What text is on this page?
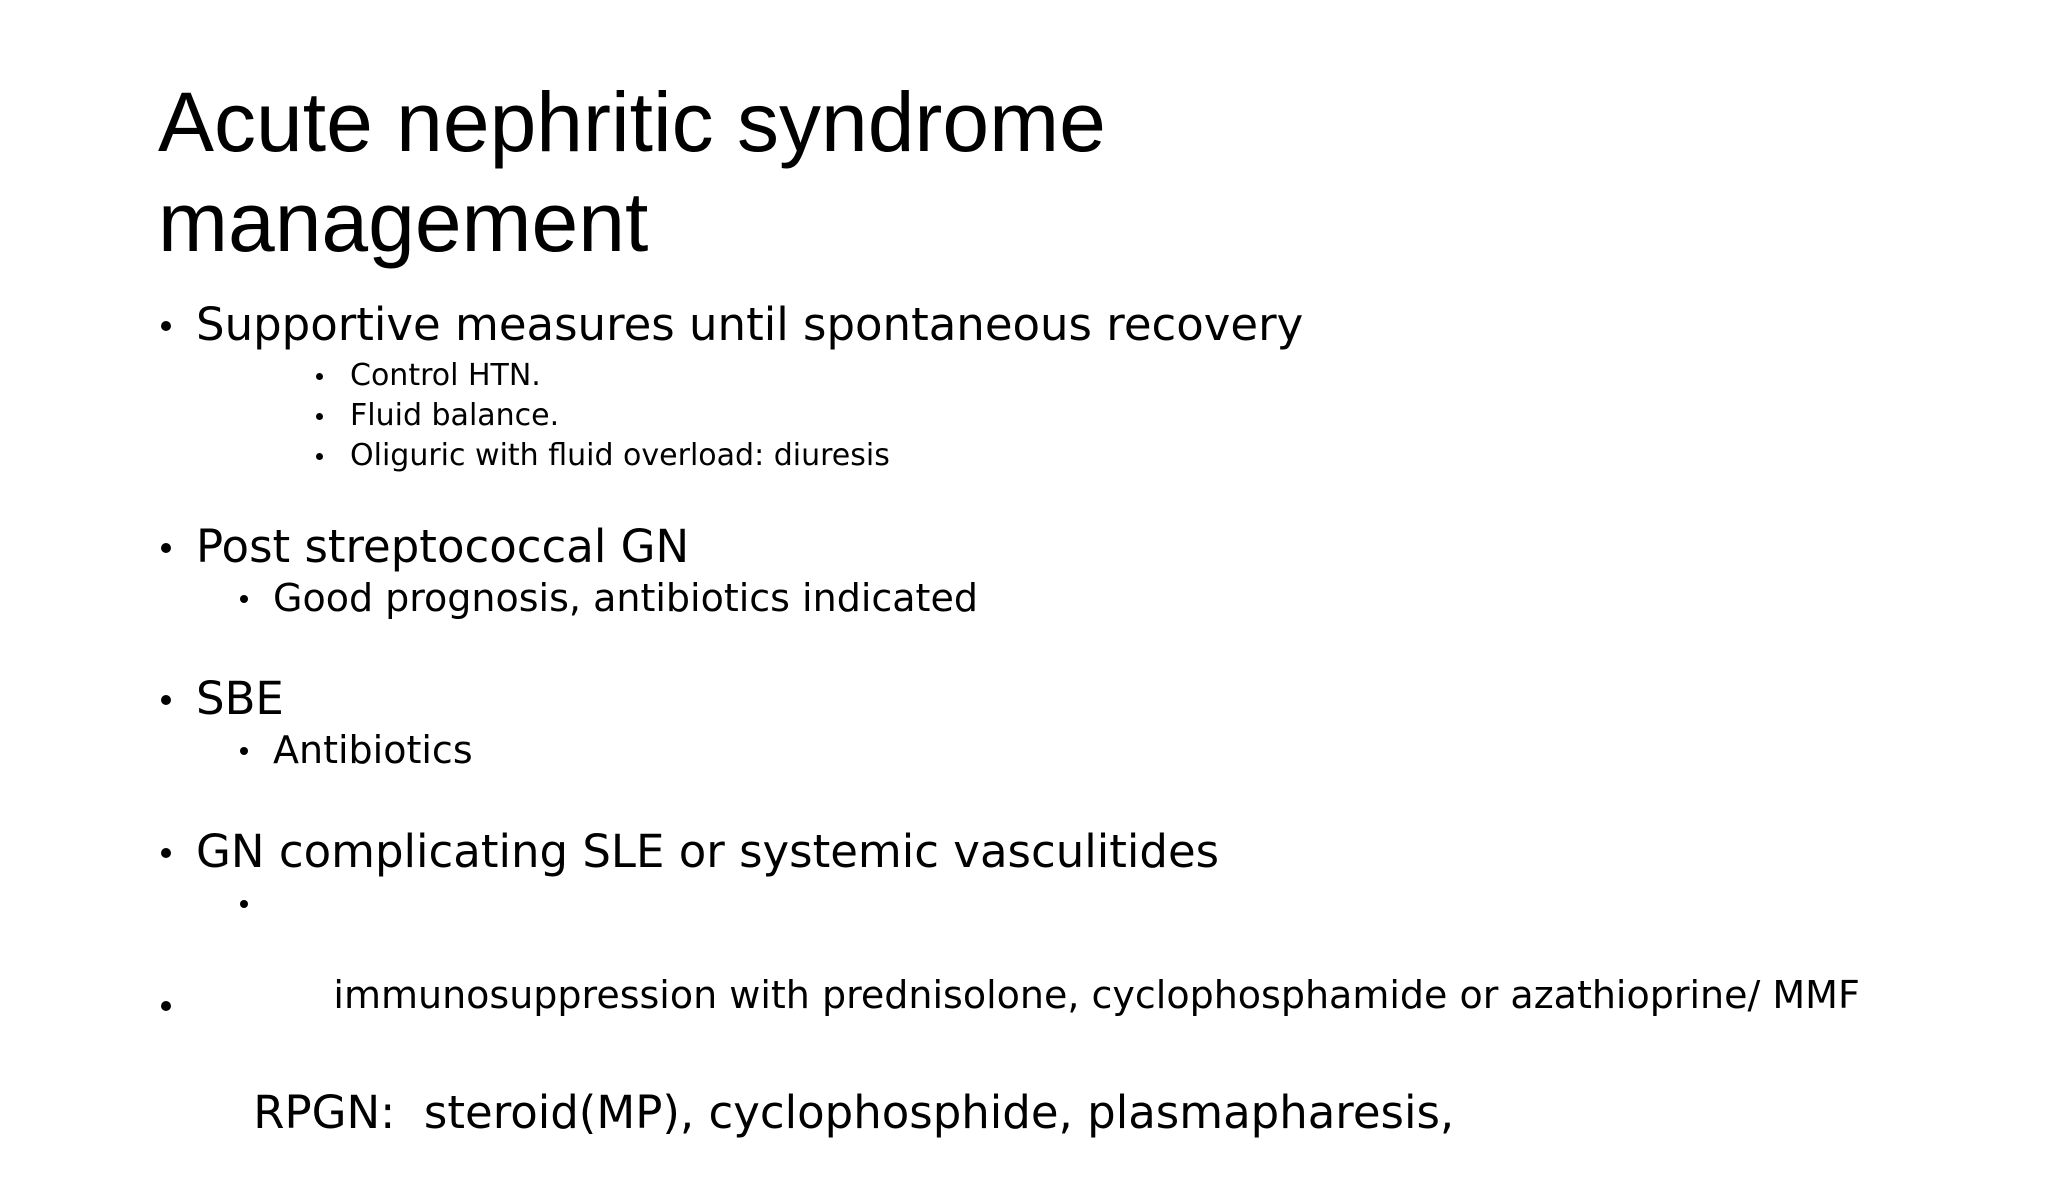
Acute nephritic syndrome
management
Supportive measures until spontaneous recovery
Control HTN.
Fluid balance.
Oliguric with fluid overload: diuresis
Post streptococcal GN
Good prognosis, antibiotics indicated
SBE
Antibiotics
GN complicating SLE or systemic vasculitides

immunosuppression with prednisolone, cyclophosphamide or azathioprine/ MMF

RPGN:  steroid(MP), cyclophosphide, plasmapharesis,
